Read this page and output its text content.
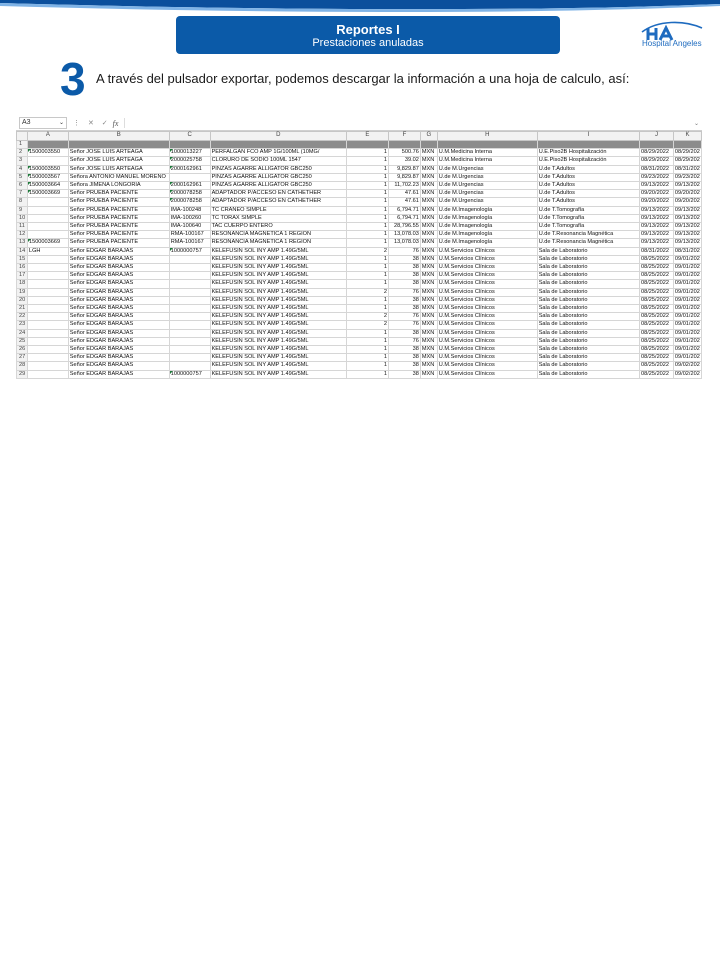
Reportes I
Prestaciones anuladas	Hospital Angeles
3 A través del pulsador exportar, podemos descargar la información a una hoja de calculo, así:
A3	⌄ ⋮ ✕ ✓ fx	⌄
	A	B	C	D	E	F	G	H	I	J	K
1											
2	1500003550	Señor JOSE LUIS ARTEAGA	1000013227	PERFALGAN FCO AMP 1G/100ML (10MG/	1	500.76	MXN	U.M.Medicina Interna	U.E.Piso2B Hospitalización	08/29/2022	08/29/202
3		Señor JOSE LUIS ARTEAGA	2000025758	CLORURO DE SODIO 100ML 1547	1	39.02	MXN	U.M.Medicina Interna	U.E.Piso2B Hospitalización	08/29/2022	08/29/202
4	1500003550	Señor JOSE LUIS ARTEAGA	2000162961	PINZAS AGARRE ALLIGATOR GBC250	1	9,829.87	MXN	U.de M.Urgencias	U.de T.Adultos	08/31/2022	08/31/202
5	1500003567	Señora ANTONIO MANUEL MORENO		PINZAS AGARRE ALLIGATOR GBC250	1	9,829.87	MXN	U.de M.Urgencias	U.de T.Adultos	09/23/2022	09/23/202
6	1500003664	Señora JIMENA LONGORIA	2000162961	PINZAS AGARRE ALLIGATOR GBC250	1	11,702.23	MXN	U.de M.Urgencias	U.de T.Adultos	09/13/2022	09/13/202
7	1500003669	Señor PRUEBA PACIENTE	2000078258	ADAPTADOR P/ACCESO EN CATHETHER	1	47.61	MXN	U.de M.Urgencias	U.de T.Adultos	09/20/2022	09/20/202
8		Señor PRUEBA PACIENTE	2000078258	ADAPTADOR P/ACCESO EN CATHETHER	1	47.61	MXN	U.de M.Urgencias	U.de T.Adultos	09/20/2022	09/20/202
9		Señor PRUEBA PACIENTE	IMA-100248	TC CRANEO SIMPLE	1	6,794.71	MXN	U.de M.Imagenología	U.de T.Tomografía	09/13/2022	09/13/202
10		Señor PRUEBA PACIENTE	IMA-100260	TC TORAX SIMPLE	1	6,794.71	MXN	U.de M.Imagenología	U.de T.Tomografía	09/13/2022	09/13/202
11		Señor PRUEBA PACIENTE	IMA-100640	TAC CUERPO ENTERO	1	28,796.55	MXN	U.de M.Imagenología	U.de T.Tomografía	09/13/2022	09/13/202
12		Señor PRUEBA PACIENTE	RMA-100167	RESONANCIA MAGNETICA 1 REGION	1	13,078.03	MXN	U.de M.Imagenología	U.de T.Resonancia Magnética	09/13/2022	09/13/202
13	1500003669	Señor PRUEBA PACIENTE	RMA-100167	RESONANCIA MAGNETICA 1 REGION	1	13,078.03	MXN	U.de M.Imagenología	U.de T.Resonancia Magnética	09/13/2022	09/13/202
14	LGH	Señor EDGAR BARAJAS	1000000757	KELEFUSIN SOL INY AMP 1.49G/5ML	2	76	MXN	U.M.Servicios Clínicos	Sala de Laboratorio	08/31/2022	08/31/202
15		Señor EDGAR BARAJAS		KELEFUSIN SOL INY AMP 1.49G/5ML	1	38	MXN	U.M.Servicios Clínicos	Sala de Laboratorio	08/25/2022	09/01/202
16		Señor EDGAR BARAJAS		KELEFUSIN SOL INY AMP 1.49G/5ML	1	38	MXN	U.M.Servicios Clínicos	Sala de Laboratorio	08/25/2022	09/01/202
17		Señor EDGAR BARAJAS		KELEFUSIN SOL INY AMP 1.49G/5ML	1	38	MXN	U.M.Servicios Clínicos	Sala de Laboratorio	08/25/2022	09/01/202
18		Señor EDGAR BARAJAS		KELEFUSIN SOL INY AMP 1.49G/5ML	1	38	MXN	U.M.Servicios Clínicos	Sala de Laboratorio	08/25/2022	09/01/202
19		Señor EDGAR BARAJAS		KELEFUSIN SOL INY AMP 1.49G/5ML	2	76	MXN	U.M.Servicios Clínicos	Sala de Laboratorio	08/25/2022	09/01/202
20		Señor EDGAR BARAJAS		KELEFUSIN SOL INY AMP 1.49G/5ML	1	38	MXN	U.M.Servicios Clínicos	Sala de Laboratorio	08/25/2022	09/01/202
21		Señor EDGAR BARAJAS		KELEFUSIN SOL INY AMP 1.49G/5ML	1	38	MXN	U.M.Servicios Clínicos	Sala de Laboratorio	08/25/2022	09/01/202
22		Señor EDGAR BARAJAS		KELEFUSIN SOL INY AMP 1.49G/5ML	2	76	MXN	U.M.Servicios Clínicos	Sala de Laboratorio	08/25/2022	09/01/202
23		Señor EDGAR BARAJAS		KELEFUSIN SOL INY AMP 1.49G/5ML	2	76	MXN	U.M.Servicios Clínicos	Sala de Laboratorio	08/25/2022	09/01/202
24		Señor EDGAR BARAJAS		KELEFUSIN SOL INY AMP 1.49G/5ML	1	38	MXN	U.M.Servicios Clínicos	Sala de Laboratorio	08/25/2022	09/01/202
25		Señor EDGAR BARAJAS		KELEFUSIN SOL INY AMP 1.49G/5ML	1	76	MXN	U.M.Servicios Clínicos	Sala de Laboratorio	08/25/2022	09/01/202
26		Señor EDGAR BARAJAS		KELEFUSIN SOL INY AMP 1.49G/5ML	1	38	MXN	U.M.Servicios Clínicos	Sala de Laboratorio	08/25/2022	09/01/202
27		Señor EDGAR BARAJAS		KELEFUSIN SOL INY AMP 1.49G/5ML	1	38	MXN	U.M.Servicios Clínicos	Sala de Laboratorio	08/25/2022	09/01/202
28		Señor EDGAR BARAJAS		KELEFUSIN SOL INY AMP 1.49G/5ML	1	38	MXN	U.M.Servicios Clínicos	Sala de Laboratorio	08/25/2022	09/02/202
29		Señor EDGAR BARAJAS	1000000757	KELEFUSIN SOL INY AMP 1.49G/5ML	1	38	MXN	U.M.Servicios Clínicos	Sala de Laboratorio	08/25/2022	09/02/202
